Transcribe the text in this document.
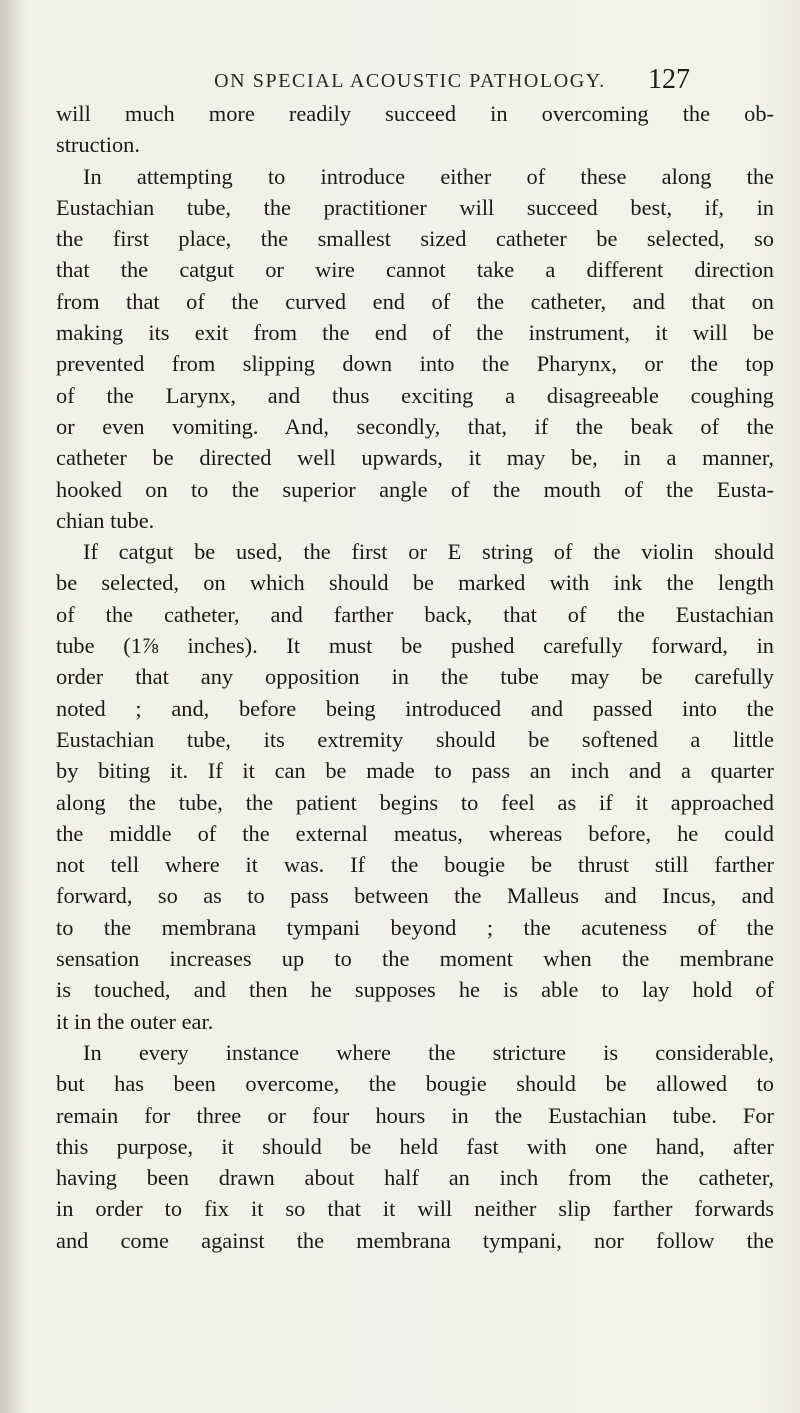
ON SPECIAL ACOUSTIC PATHOLOGY.	127
will much more readily succeed in overcoming the ob-
struction.
In attempting to introduce either of these along the
Eustachian tube, the practitioner will succeed best, if, in
the first place, the smallest sized catheter be selected, so
that the catgut or wire cannot take a different direction
from that of the curved end of the catheter, and that on
making its exit from the end of the instrument, it will be
prevented from slipping down into the Pharynx, or the top
of the Larynx, and thus exciting a disagreeable coughing
or even vomiting. And, secondly, that, if the beak of the
catheter be directed well upwards, it may be, in a manner,
hooked on to the superior angle of the mouth of the Eusta-
chian tube.
If catgut be used, the first or E string of the violin should
be selected, on which should be marked with ink the length
of the catheter, and farther back, that of the Eustachian
tube (1⅞ inches). It must be pushed carefully forward, in
order that any opposition in the tube may be carefully
noted ; and, before being introduced and passed into the
Eustachian tube, its extremity should be softened a little
by biting it. If it can be made to pass an inch and a quarter
along the tube, the patient begins to feel as if it approached
the middle of the external meatus, whereas before, he could
not tell where it was. If the bougie be thrust still farther
forward, so as to pass between the Malleus and Incus, and
to the membrana tympani beyond ; the acuteness of the
sensation increases up to the moment when the membrane
is touched, and then he supposes he is able to lay hold of
it in the outer ear.
In every instance where the stricture is considerable,
but has been overcome, the bougie should be allowed to
remain for three or four hours in the Eustachian tube. For
this purpose, it should be held fast with one hand, after
having been drawn about half an inch from the catheter,
in order to fix it so that it will neither slip farther forwards
and come against the membrana tympani, nor follow the
